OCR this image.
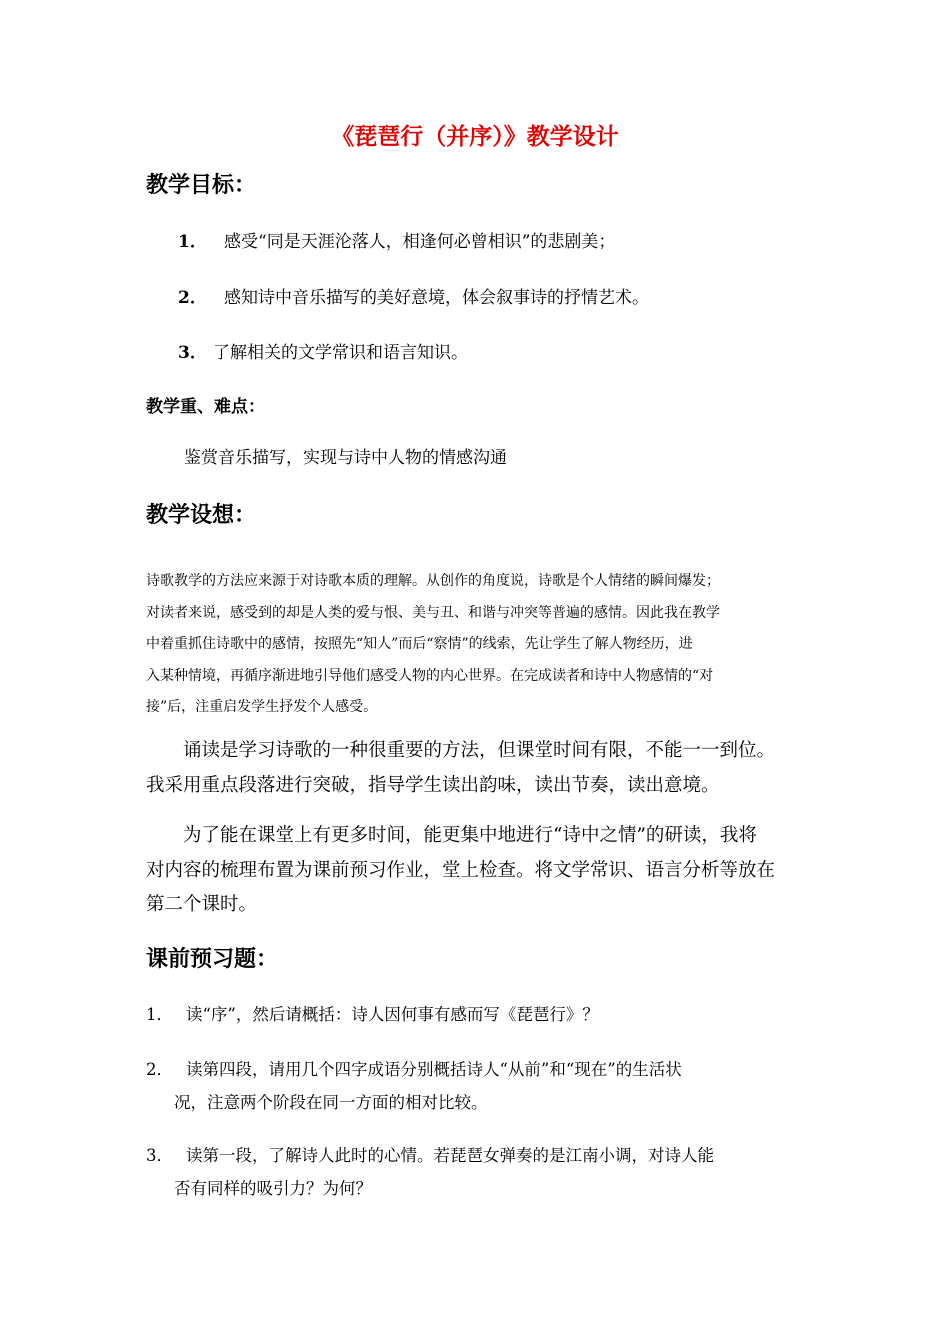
《琵琶行（并序）》教学设计
教学目标：
1． 感受“同是天涯沦落人，相逢何必曾相识”的悲剧美；
2． 感知诗中音乐描写的美好意境，体会叙事诗的抒情艺术。
3． 了解相关的文学常识和语言知识。
教学重、难点：
鉴赏音乐描写，实现与诗中人物的情感沟通
教学设想：

诗歌教学的方法应来源于对诗歌本质的理解。从创作的角度说，诗歌是个人情绪的瞬间爆发；

对读者来说，感受到的却是人类的爱与恨、美与丑、和谐与冲突等普遍的感情。因此我在教学

中着重抓住诗歌中的感情，按照先“知人”而后“察情”的线索，先让学生了解人物经历，进

入某种情境，再循序渐进地引导他们感受人物的内心世界。在完成读者和诗中人物感情的“对

接”后，注重启发学生抒发个人感受。

诵读是学习诗歌的一种很重要的方法，但课堂时间有限，不能一一到位。

我采用重点段落进行突破，指导学生读出韵味，读出节奏，读出意境。

为了能在课堂上有更多时间，能更集中地进行“诗中之情”的研读，我将

对内容的梳理布置为课前预习作业，堂上检查。将文学常识、语言分析等放在

第二个课时。

课前预习题：
1． 读“序”，然后请概括：诗人因何事有感而写《琵琶行》？
2． 读第四段，请用几个四字成语分别概括诗人“从前”和“现在”的生活状
况，注意两个阶段在同一方面的相对比较。
3． 读第一段，了解诗人此时的心情。若琵琶女弹奏的是江南小调，对诗人能
否有同样的吸引力？为何？
